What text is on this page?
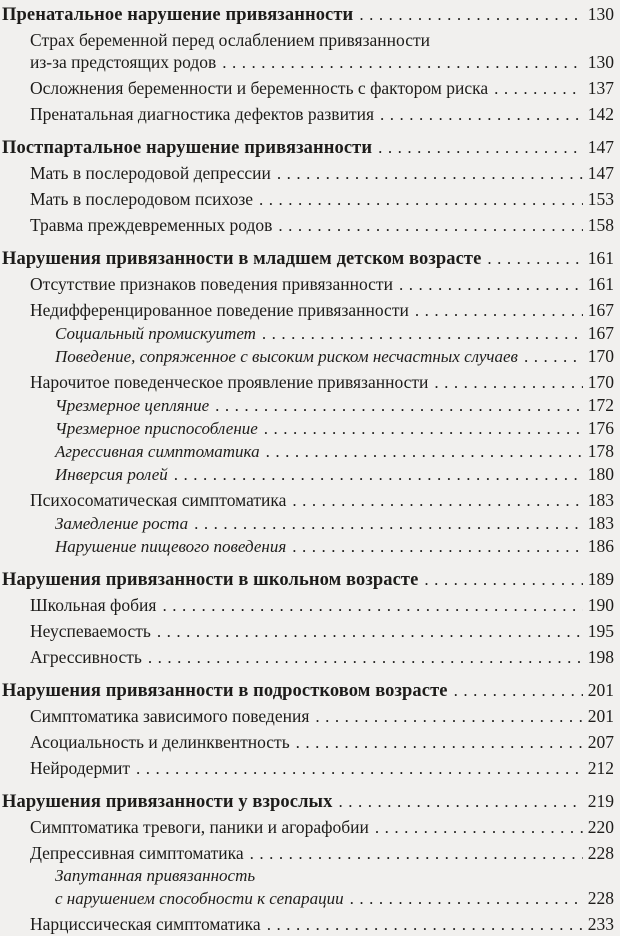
Пренатальное нарушение привязанности .....	130
Страх беременной перед ослаблением привязанности
из-за предстоящих родов .....	130
Осложнения беременности и беременность с фактором риска .....	137
Пренатальная диагностика дефектов развития .....	142
Постпартальное нарушение привязанности .....	147
Мать в послеродовой депрессии .....	147
Мать в послеродовом психозе .....	153
Травма преждевременных родов .....	158
Нарушения привязанности в младшем детском возрасте .....	161
Отсутствие признаков поведения привязанности .....	161
Недифференцированное поведение привязанности .....	167
Социальный промискуитет .....	167
Поведение, сопряженное с высоким риском несчастных случаев .....	170
Нарочитое поведенческое проявление привязанности .....	170
Чрезмерное цепляние .....	172
Чрезмерное приспособление .....	176
Агрессивная симптоматика .....	178
Инверсия ролей .....	180
Психосоматическая симптоматика .....	183
Замедление роста .....	183
Нарушение пищевого поведения .....	186
Нарушения привязанности в школьном возрасте .....	189
Школьная фобия .....	190
Неуспеваемость .....	195
Агрессивность .....	198
Нарушения привязанности в подростковом возрасте .....	201
Симптоматика зависимого поведения .....	201
Асоциальность и делинквентность .....	207
Нейродермит .....	212
Нарушения привязанности у взрослых .....	219
Симптоматика тревоги, паники и агорафобии .....	220
Депрессивная симптоматика .....	228
Запутанная привязанность
с нарушением способности к сепарации .....	228
Нарциссическая симптоматика .....	233
